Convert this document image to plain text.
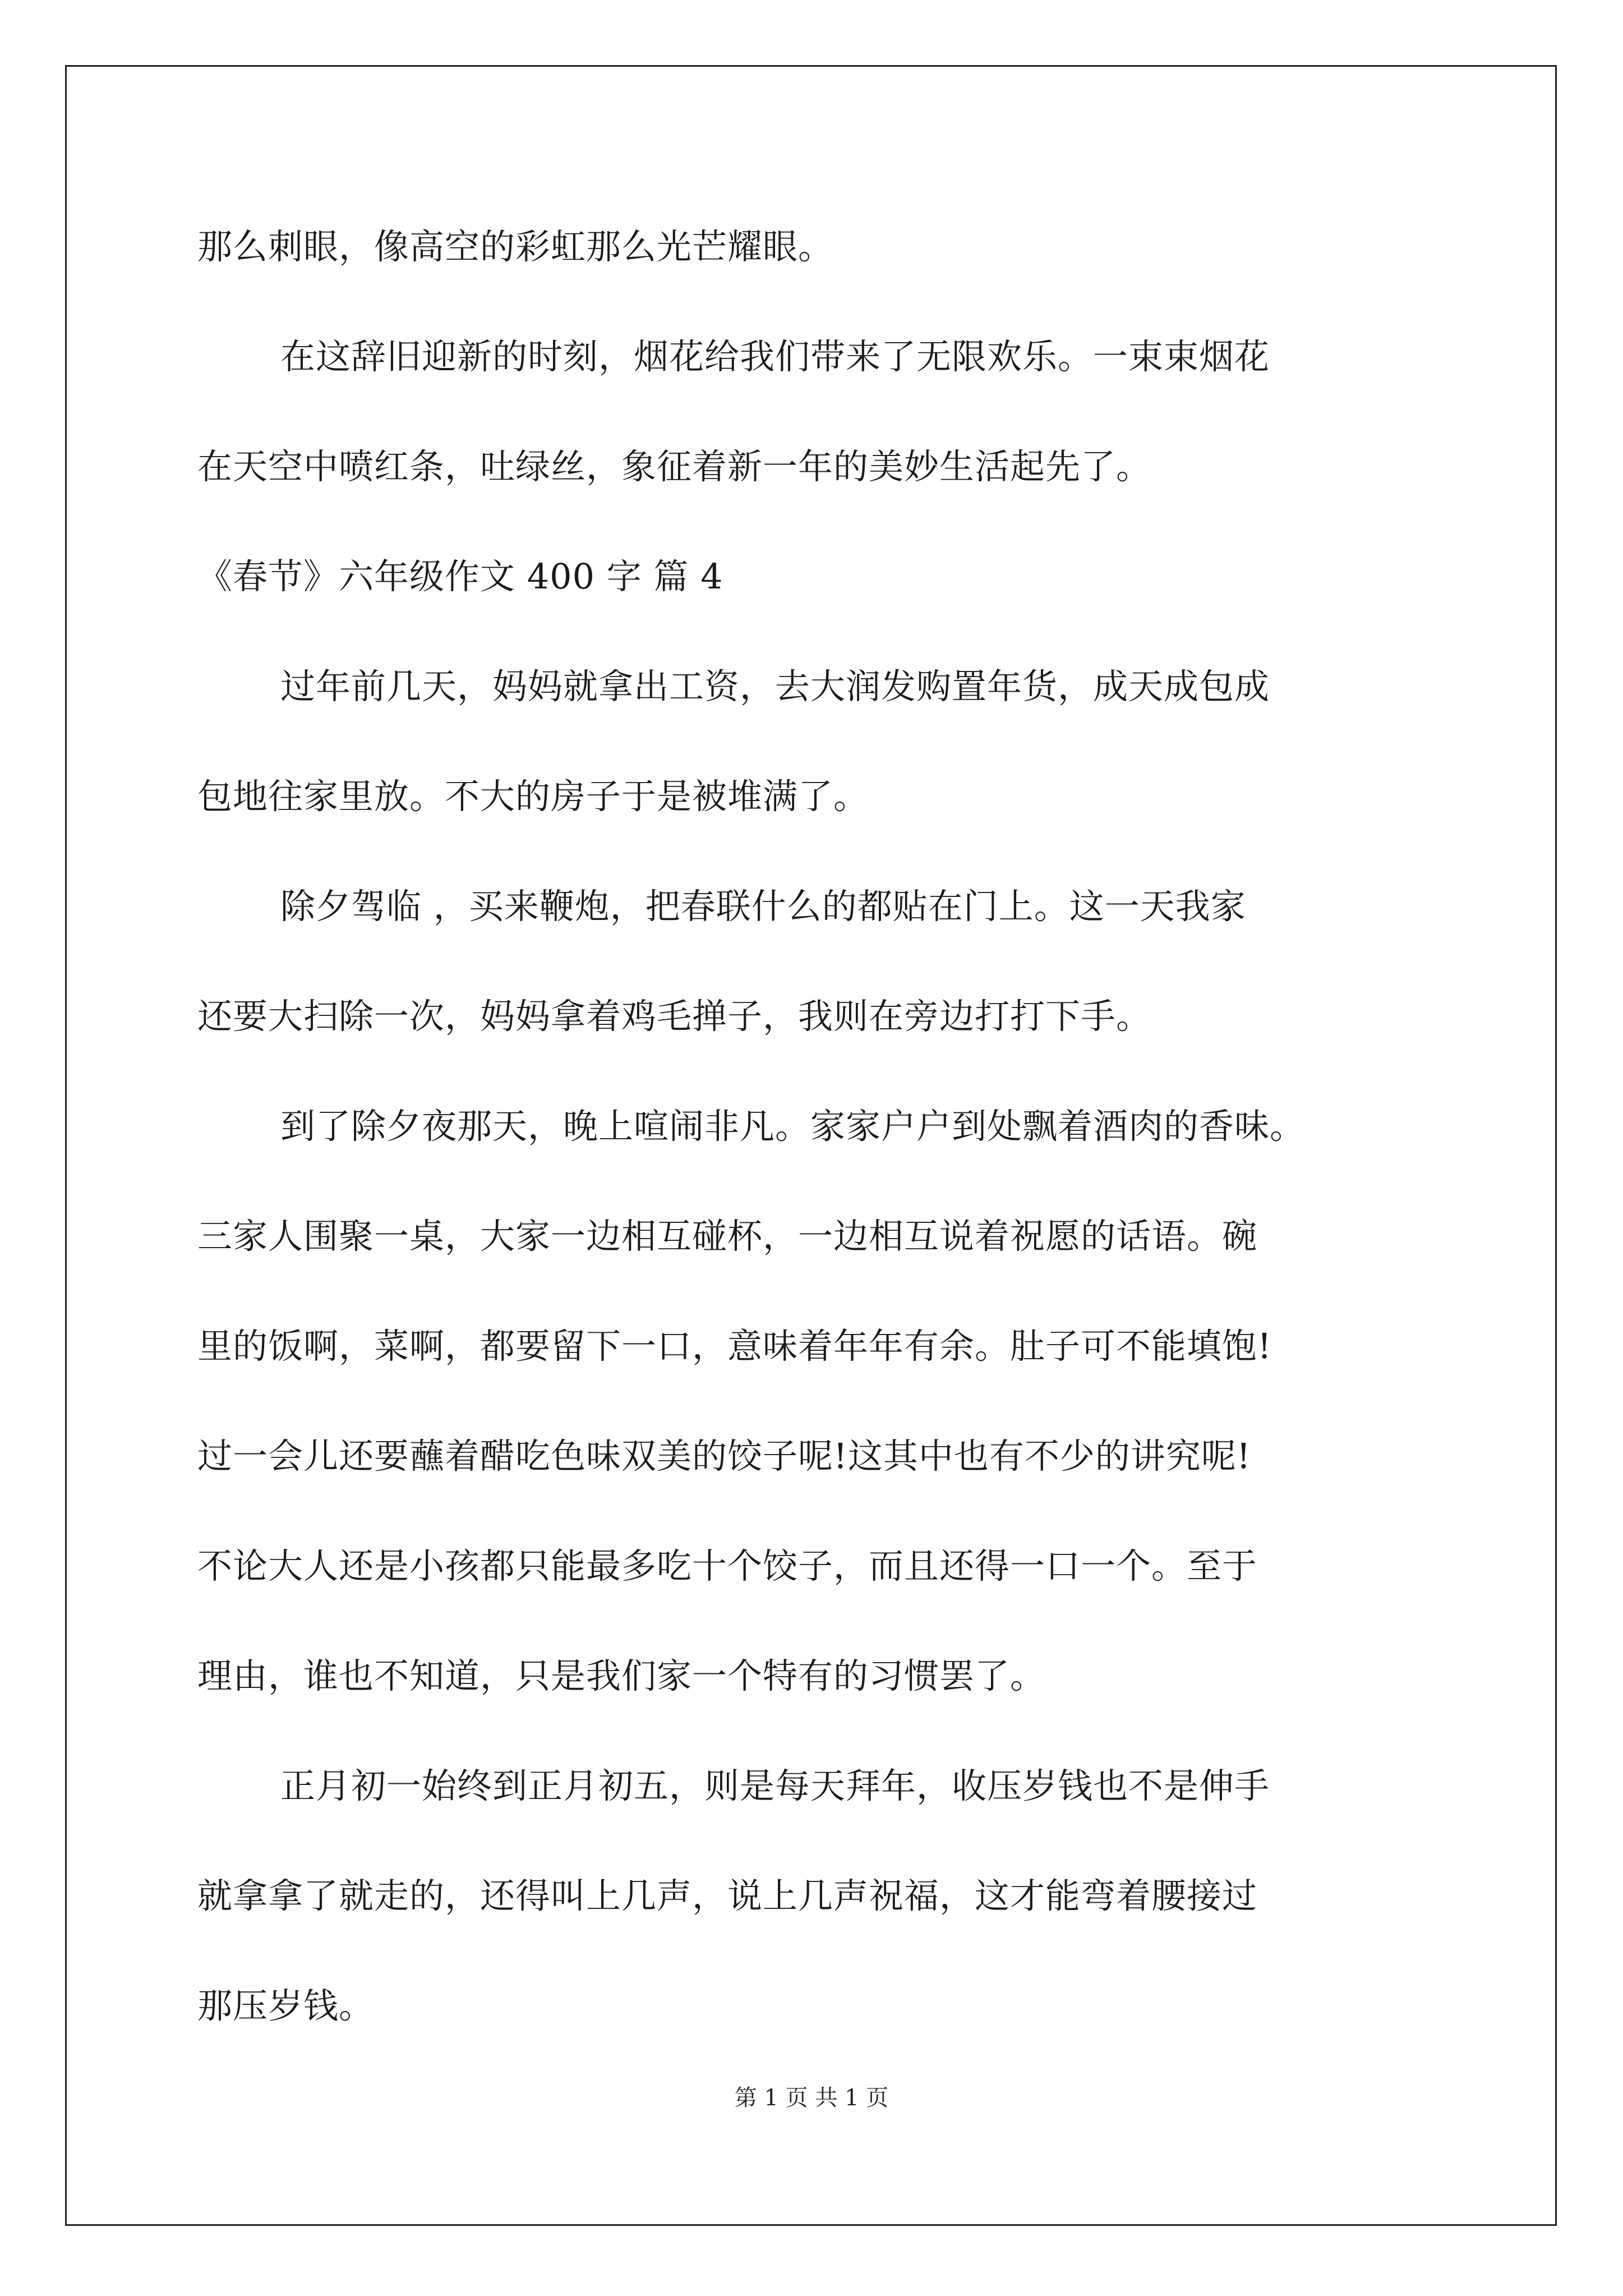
那么刺眼，像高空的彩虹那么光芒耀眼。
在这辞旧迎新的时刻，烟花给我们带来了无限欢乐。一束束烟花
在天空中喷红条，吐绿丝，象征着新一年的美妙生活起先了。
《春节》六年级作文 400 字 篇 4
过年前几天，妈妈就拿出工资，去大润发购置年货，成天成包成
包地往家里放。不大的房子于是被堆满了。
除夕驾临 ，买来鞭炮，把春联什么的都贴在门上。这一天我家
还要大扫除一次，妈妈拿着鸡毛掸子，我则在旁边打打下手。
到了除夕夜那天，晚上喧闹非凡。家家户户到处飘着酒肉的香味。
三家人围聚一桌，大家一边相互碰杯，一边相互说着祝愿的话语。碗
里的饭啊，菜啊，都要留下一口，意味着年年有余。肚子可不能填饱!
过一会儿还要蘸着醋吃色味双美的饺子呢!这其中也有不少的讲究呢!
不论大人还是小孩都只能最多吃十个饺子，而且还得一口一个。至于
理由，谁也不知道，只是我们家一个特有的习惯罢了。
正月初一始终到正月初五，则是每天拜年，收压岁钱也不是伸手
就拿拿了就走的，还得叫上几声，说上几声祝福，这才能弯着腰接过
那压岁钱。
第 1 页 共 1 页
